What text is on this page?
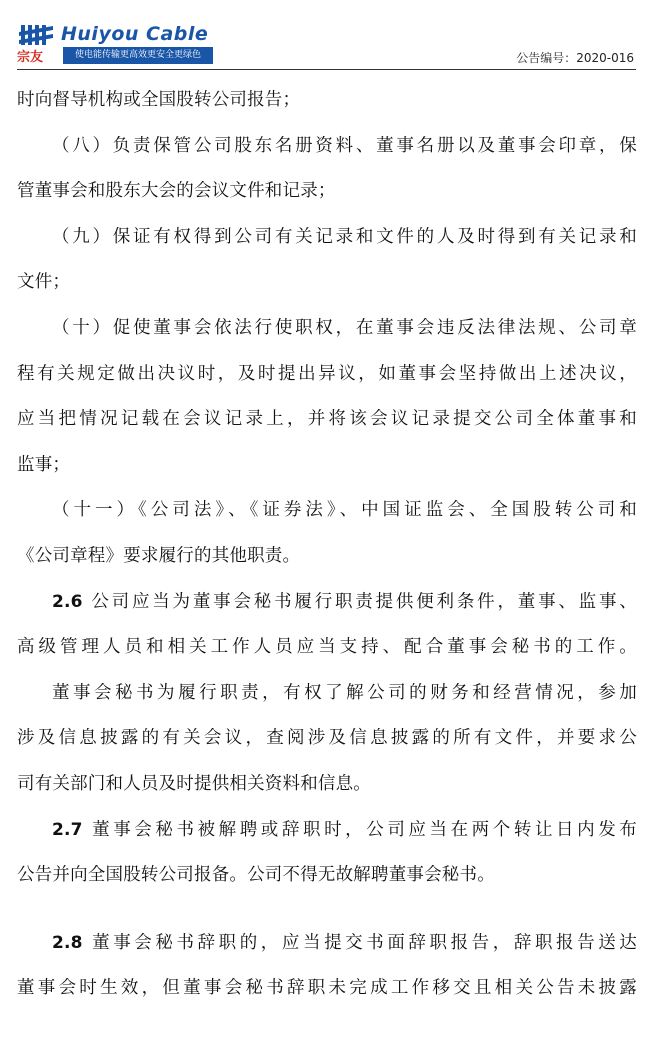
宗友
Huiyou Cable
使电能传输更高效更安全更绿色	公告编号：2020-016
时向督导机构或全国股转公司报告；
（八）负责保管公司股东名册资料、董事名册以及董事会印章，保
管董事会和股东大会的会议文件和记录；
（九）保证有权得到公司有关记录和文件的人及时得到有关记录和
文件；
（十）促使董事会依法行使职权，在董事会违反法律法规、公司章
程有关规定做出决议时，及时提出异议，如董事会坚持做出上述决议，
应当把情况记载在会议记录上，并将该会议记录提交公司全体董事和
监事；
（十一）《公司法》、《证券法》、中国证监会、全国股转公司和
《公司章程》要求履行的其他职责。
2.6 公司应当为董事会秘书履行职责提供便利条件，董事、监事、
高级管理人员和相关工作人员应当支持、配合董事会秘书的工作。
董事会秘书为履行职责，有权了解公司的财务和经营情况，参加
涉及信息披露的有关会议，查阅涉及信息披露的所有文件，并要求公
司有关部门和人员及时提供相关资料和信息。
2.7 董事会秘书被解聘或辞职时，公司应当在两个转让日内发布
公告并向全国股转公司报备。公司不得无故解聘董事会秘书。
2.8 董事会秘书辞职的，应当提交书面辞职报告，辞职报告送达
董事会时生效，但董事会秘书辞职未完成工作移交且相关公告未披露
